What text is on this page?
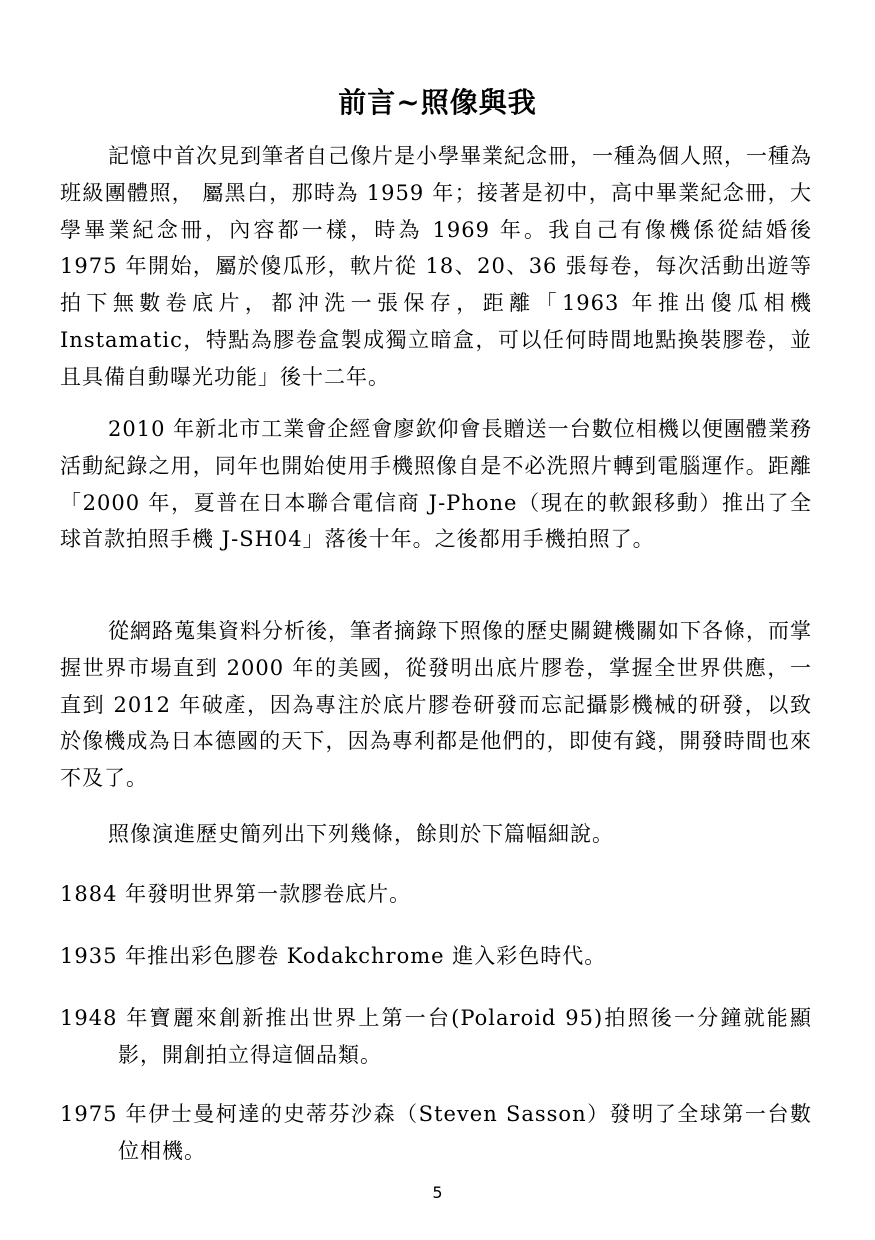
前言~照像與我

記憶中首次見到筆者自己像片是小學畢業紀念冊，一種為個人照，一種為班級團體照， 屬黑白，那時為 1959 年；接著是初中，高中畢業紀念冊，大學畢業紀念冊，內容都一樣，時為 1969 年。我自己有像機係從結婚後 1975 年開始，屬於傻瓜形，軟片從 18、20、36 張每卷，每次活動出遊等拍下無數卷底片，都沖洗一張保存，距離「1963 年推出傻瓜相機 Instamatic，特點為膠卷盒製成獨立暗盒，可以任何時間地點換裝膠卷，並且具備自動曝光功能」後十二年。

2010 年新北市工業會企經會廖欽仰會長贈送一台數位相機以便團體業務活動紀錄之用，同年也開始使用手機照像自是不必洗照片轉到電腦運作。距離「2000 年，夏普在日本聯合電信商 J-Phone（現在的軟銀移動）推出了全球首款拍照手機 J-SH04」落後十年。之後都用手機拍照了。

從網路蒐集資料分析後，筆者摘錄下照像的歷史關鍵機關如下各條，而掌握世界市場直到 2000 年的美國，從發明出底片膠卷，掌握全世界供應，一直到 2012 年破產，因為專注於底片膠卷研發而忘記攝影機械的研發，以致於像機成為日本德國的天下，因為專利都是他們的，即使有錢，開發時間也來不及了。

照像演進歷史簡列出下列幾條，餘則於下篇幅細說。

1884 年發明世界第一款膠卷底片。

1935 年推出彩色膠卷 Kodakchrome 進入彩色時代。

1948 年寶麗來創新推出世界上第一台(Polaroid 95)拍照後一分鐘就能顯影，開創拍立得這個品類。

1975 年伊士曼柯達的史蒂芬沙森（Steven Sasson）發明了全球第一台數位相機。

5
